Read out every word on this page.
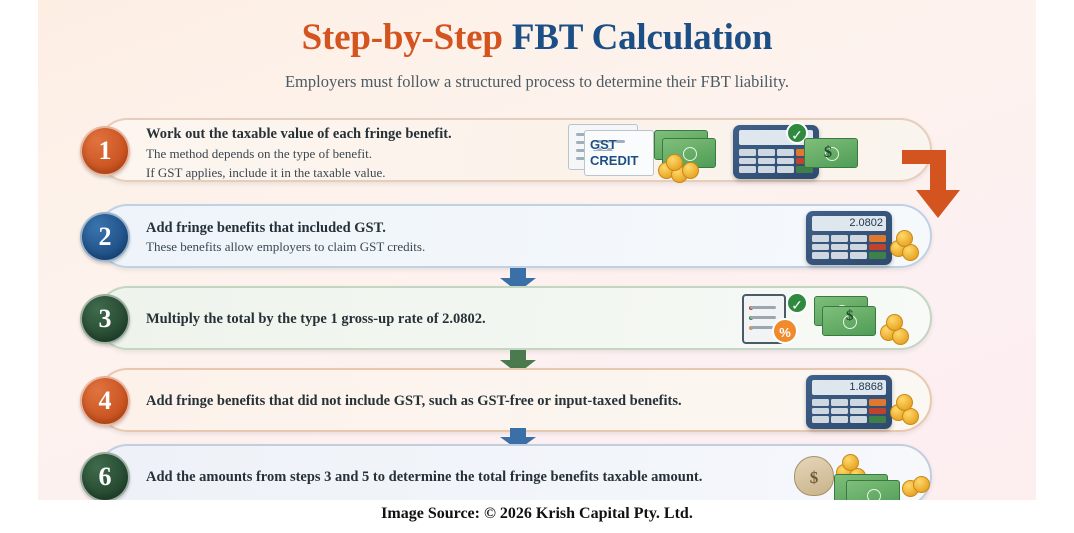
Step-by-Step FBT Calculation
Employers must follow a structured process to determine their FBT liability.
1
Work out the taxable value of each fringe benefit.
The method depends on the type of benefit.
If GST applies, include it in the taxable value.
GST
CREDIT
✓
$
2	Add fringe benefits that included GST.
These benefits allow employers to claim GST credits.
2.0802
3	Multiply the total by the type 1 gross-up rate of 2.0802.
✓
%
$
4	Add fringe benefits that did not include GST, such as GST-free or input-taxed benefits.
1.8868
6	Add the amounts from steps 3 and 5 to determine the total fringe benefits taxable amount.
$
Image Source: © 2026 Krish Capital Pty. Ltd.
